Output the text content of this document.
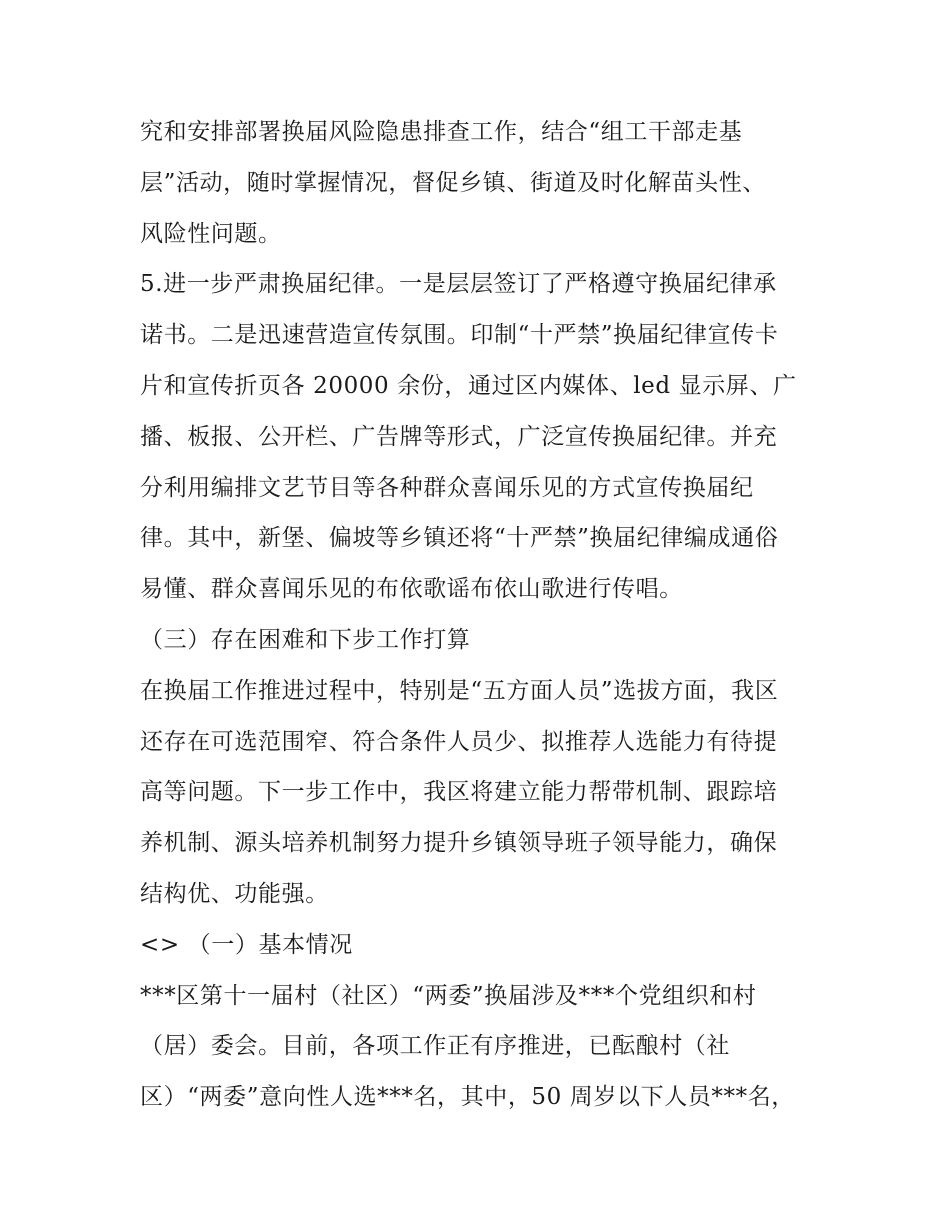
究和安排部署换届风险隐患排查工作，结合“组工干部走基
层”活动，随时掌握情况，督促乡镇、街道及时化解苗头性、
风险性问题。
5.进一步严肃换届纪律。一是层层签订了严格遵守换届纪律承
诺书。二是迅速营造宣传氛围。印制“十严禁”换届纪律宣传卡
片和宣传折页各 20000 余份，通过区内媒体、led 显示屏、广
播、板报、公开栏、广告牌等形式，广泛宣传换届纪律。并充
分利用编排文艺节目等各种群众喜闻乐见的方式宣传换届纪
律。其中，新堡、偏坡等乡镇还将“十严禁”换届纪律编成通俗
易懂、群众喜闻乐见的布依歌谣布依山歌进行传唱。
（三）存在困难和下步工作打算
在换届工作推进过程中，特别是“五方面人员”选拔方面，我区
还存在可选范围窄、符合条件人员少、拟推荐人选能力有待提
高等问题。下一步工作中，我区将建立能力帮带机制、跟踪培
养机制、源头培养机制努力提升乡镇领导班子领导能力，确保
结构优、功能强。
<> （一）基本情况
***区第十一届村（社区）“两委”换届涉及***个党组织和村
（居）委会。目前，各项工作正有序推进，已酝酿村（社
区）“两委”意向性人选***名，其中，50 周岁以下人员***名，
